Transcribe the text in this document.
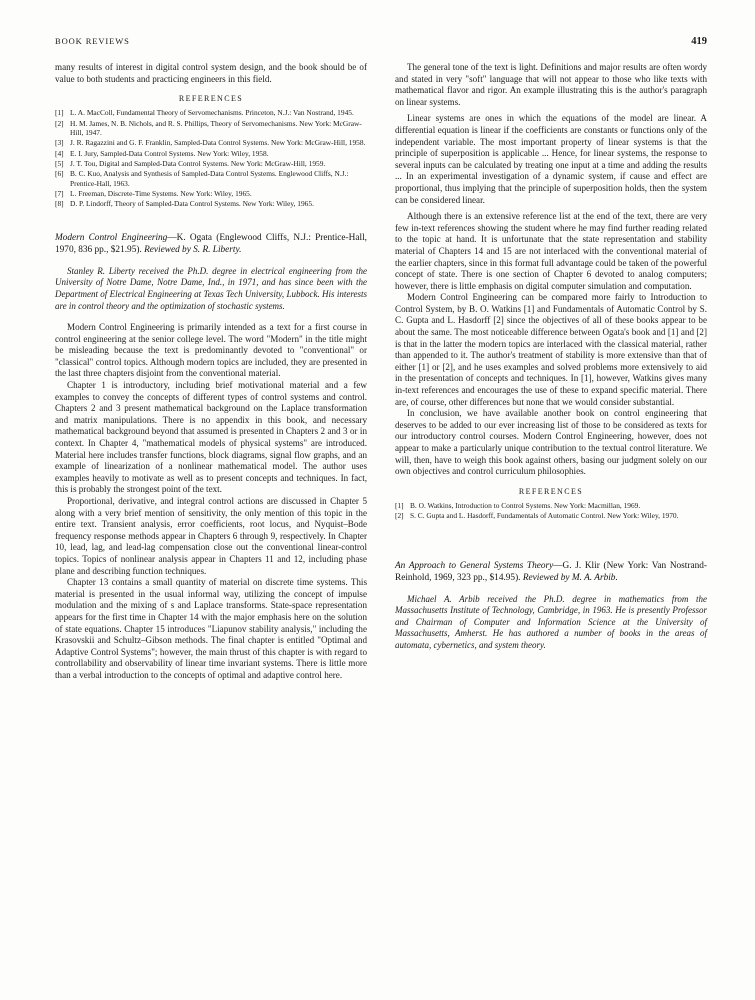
BOOK REVIEWS	419

many results of interest in digital control system design, and the book should be of value to both students and practicing engineers in this field.

REFERENCES
[1] L. A. MacColl, Fundamental Theory of Servomechanisms. Princeton, N.J.: Van Nostrand, 1945.
[2] H. M. James, N. B. Nichols, and R. S. Phillips, Theory of Servomechanisms. New York: McGraw-Hill, 1947.
[3] J. R. Ragazzini and G. F. Franklin, Sampled-Data Control Systems. New York: McGraw-Hill, 1958.
[4] E. I. Jury, Sampled-Data Control Systems. New York: Wiley, 1958.
[5] J. T. Tou, Digital and Sampled-Data Control Systems. New York: McGraw-Hill, 1959.
[6] B. C. Kuo, Analysis and Synthesis of Sampled-Data Control Systems. Englewood Cliffs, N.J.: Prentice-Hall, 1963.
[7] L. Freeman, Discrete-Time Systems. New York: Wiley, 1965.
[8] D. P. Lindorff, Theory of Sampled-Data Control Systems. New York: Wiley, 1965.
Modern Control Engineering—K. Ogata (Englewood Cliffs, N.J.: Prentice-Hall, 1970, 836 pp., $21.95). Reviewed by S. R. Liberty.
Stanley R. Liberty received the Ph.D. degree in electrical engineering from the University of Notre Dame, Notre Dame, Ind., in 1971, and has since been with the Department of Electrical Engineering at Texas Tech University, Lubbock. His interests are in control theory and the optimization of stochastic systems.

Modern Control Engineering is primarily intended as a text for a first course in control engineering at the senior college level. The word "Modern" in the title might be misleading because the text is predominantly devoted to "conventional" or "classical" control topics. Although modern topics are included, they are presented in the last three chapters disjoint from the conventional material.

Chapter 1 is introductory, including brief motivational material and a few examples to convey the concepts of different types of control systems and control. Chapters 2 and 3 present mathematical background on the Laplace transformation and matrix manipulations. There is no appendix in this book, and necessary mathematical background beyond that assumed is presented in Chapters 2 and 3 or in context. In Chapter 4, "mathematical models of physical systems" are introduced. Material here includes transfer functions, block diagrams, signal flow graphs, and an example of linearization of a nonlinear mathematical model. The author uses examples heavily to motivate as well as to present concepts and techniques. In fact, this is probably the strongest point of the text.

Proportional, derivative, and integral control actions are discussed in Chapter 5 along with a very brief mention of sensitivity, the only mention of this topic in the entire text. Transient analysis, error coefficients, root locus, and Nyquist–Bode frequency response methods appear in Chapters 6 through 9, respectively. In Chapter 10, lead, lag, and lead-lag compensation close out the conventional linear-control topics. Topics of nonlinear analysis appear in Chapters 11 and 12, including phase plane and describing function techniques.

Chapter 13 contains a small quantity of material on discrete time systems. This material is presented in the usual informal way, utilizing the concept of impulse modulation and the mixing of s and Laplace transforms. State-space representation appears for the first time in Chapter 14 with the major emphasis here on the solution of state equations. Chapter 15 introduces "Liapunov stability analysis," including the Krasovskii and Schultz–Gibson methods. The final chapter is entitled "Optimal and Adaptive Control Systems"; however, the main thrust of this chapter is with regard to controllability and observability of linear time invariant systems. There is little more than a verbal introduction to the concepts of optimal and adaptive control here.

The general tone of the text is light. Definitions and major results are often wordy and stated in very "soft" language that will not appear to those who like texts with mathematical flavor and rigor. An example illustrating this is the author's paragraph on linear systems.

Linear systems are ones in which the equations of the model are linear. A differential equation is linear if the coefficients are constants or functions only of the independent variable. The most important property of linear systems is that the principle of superposition is applicable ... Hence, for linear systems, the response to several inputs can be calculated by treating one input at a time and adding the results ... In an experimental investigation of a dynamic system, if cause and effect are proportional, thus implying that the principle of superposition holds, then the system can be considered linear.

Although there is an extensive reference list at the end of the text, there are very few in-text references showing the student where he may find further reading related to the topic at hand. It is unfortunate that the state representation and stability material of Chapters 14 and 15 are not interlaced with the conventional material of the earlier chapters, since in this format full advantage could be taken of the powerful concept of state. There is one section of Chapter 6 devoted to analog computers; however, there is little emphasis on digital computer simulation and computation.

Modern Control Engineering can be compared more fairly to Introduction to Control System, by B. O. Watkins [1] and Fundamentals of Automatic Control by S. C. Gupta and L. Hasdorff [2] since the objectives of all of these books appear to be about the same. The most noticeable difference between Ogata's book and [1] and [2] is that in the latter the modern topics are interlaced with the classical material, rather than appended to it. The author's treatment of stability is more extensive than that of either [1] or [2], and he uses examples and solved problems more extensively to aid in the presentation of concepts and techniques. In [1], however, Watkins gives many in-text references and encourages the use of these to expand specific material. There are, of course, other differences but none that we would consider substantial.

In conclusion, we have available another book on control engineering that deserves to be added to our ever increasing list of those to be considered as texts for our introductory control courses. Modern Control Engineering, however, does not appear to make a particularly unique contribution to the textual control literature. We will, then, have to weigh this book against others, basing our judgment solely on our own objectives and control curriculum philosophies.

REFERENCES
[1] B. O. Watkins, Introduction to Control Systems. New York: Macmillan, 1969.
[2] S. C. Gupta and L. Hasdorff, Fundamentals of Automatic Control. New York: Wiley, 1970.
An Approach to General Systems Theory—G. J. Klir (New York: Van Nostrand-Reinhold, 1969, 323 pp., $14.95). Reviewed by M. A. Arbib.
Michael A. Arbib received the Ph.D. degree in mathematics from the Massachusetts Institute of Technology, Cambridge, in 1963. He is presently Professor and Chairman of Computer and Information Science at the University of Massachusetts, Amherst. He has authored a number of books in the areas of automata, cybernetics, and system theory.
